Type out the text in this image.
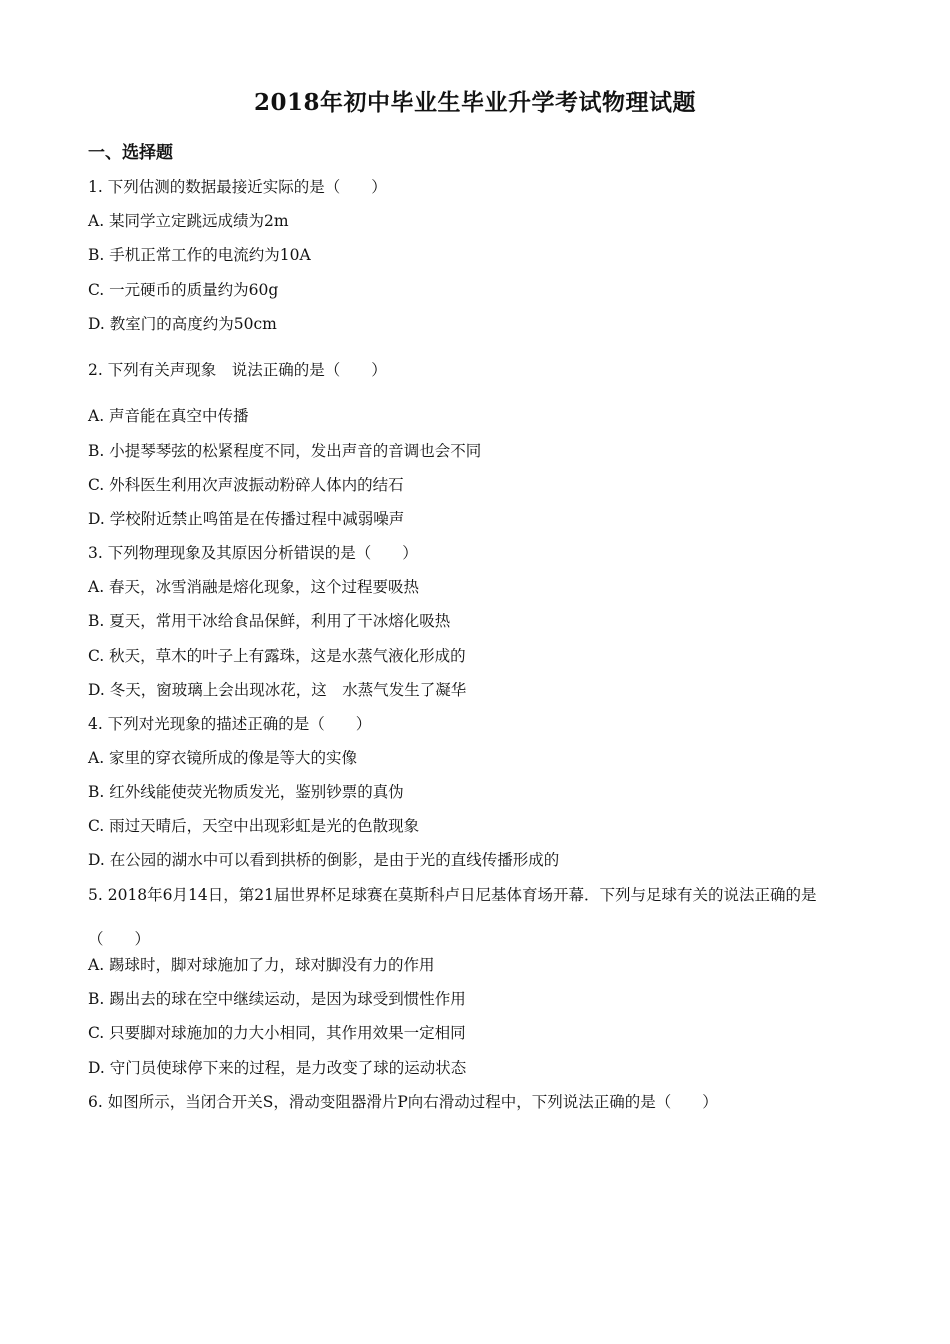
2018年初中毕业生毕业升学考试物理试题
一、选择题
1. 下列估测的数据最接近实际的是（　　）
A. 某同学立定跳远成绩为2m
B. 手机正常工作的电流约为10A
C. 一元硬币的质量约为60g
D. 教室门的高度约为50cm
2. 下列有关声现象　说法正确的是（　　）
A. 声音能在真空中传播
B. 小提琴琴弦的松紧程度不同，发出声音的音调也会不同
C. 外科医生利用次声波振动粉碎人体内的结石
D. 学校附近禁止鸣笛是在传播过程中减弱噪声
3. 下列物理现象及其原因分析错误的是（　　）
A. 春天，冰雪消融是熔化现象，这个过程要吸热
B. 夏天，常用干冰给食品保鲜，利用了干冰熔化吸热
C. 秋天，草木的叶子上有露珠，这是水蒸气液化形成的
D. 冬天，窗玻璃上会出现冰花，这　水蒸气发生了凝华
4. 下列对光现象的描述正确的是（　　）
A. 家里的穿衣镜所成的像是等大的实像
B. 红外线能使荧光物质发光，鉴别钞票的真伪
C. 雨过天晴后，天空中出现彩虹是光的色散现象
D. 在公园的湖水中可以看到拱桥的倒影，是由于光的直线传播形成的
5. 2018年6月14日，第21届世界杯足球赛在莫斯科卢日尼基体育场开幕．下列与足球有关的说法正确的是（　　）
A. 踢球时，脚对球施加了力，球对脚没有力的作用
B. 踢出去的球在空中继续运动，是因为球受到惯性作用
C. 只要脚对球施加的力大小相同，其作用效果一定相同
D. 守门员使球停下来的过程，是力改变了球的运动状态
6. 如图所示，当闭合开关S，滑动变阻器滑片P向右滑动过程中，下列说法正确的是（　　）
